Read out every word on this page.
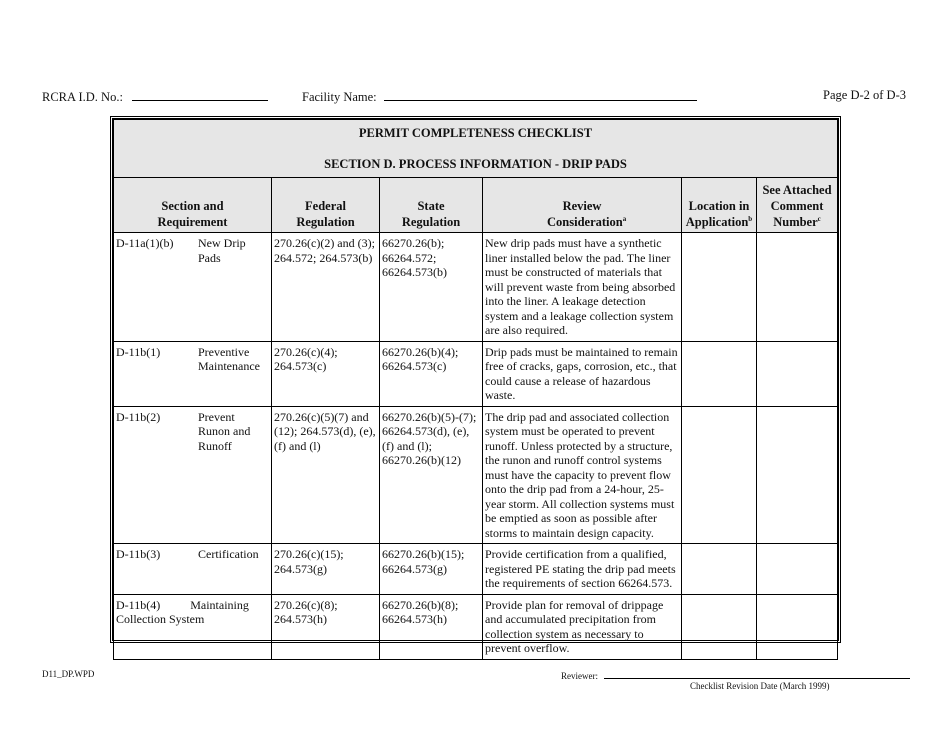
RCRA I.D. No.:	Facility Name:	Page D-2 of D-3
PERMIT COMPLETENESS CHECKLIST
SECTION D. PROCESS INFORMATION - DRIP PADS					

Section and Requirement	Federal Regulation	State Regulation	Review Consideration$^a$	Location in Application$^b$	See Attached Comment Number$^c$

D-11a(1)(b) New Drip Pads	270.26(c)(2) and (3); 264.572; 264.573(b)	66270.26(b); 66264.572; 66264.573(b)	New drip pads must have a synthetic liner installed below the pad. The liner must be constructed of materials that will prevent waste from being absorbed into the liner. A leakage detection system and a leakage collection system are also required.		

D-11b(1) Preventive Maintenance	270.26(c)(4); 264.573(c)	66270.26(b)(4); 66264.573(c)	Drip pads must be maintained to remain free of cracks, gaps, corrosion, etc., that could cause a release of hazardous waste.		

D-11b(2) Prevent Runon and Runoff	270.26(c)(5)(7) and (12); 264.573(d), (e), (f) and (l)	66270.26(b)(5)-(7); 66264.573(d), (e), (f) and (l); 66270.26(b)(12)	The drip pad and associated collection system must be operated to prevent runoff. Unless protected by a structure, the runon and runoff control systems must have the capacity to prevent flow onto the drip pad from a 24-hour, 25-year storm. All collection systems must be emptied as soon as possible after storms to maintain design capacity.		

D-11b(3) Certification	270.26(c)(15); 264.573(g)	66270.26(b)(15); 66264.573(g)	Provide certification from a qualified, registered PE stating the drip pad meets the requirements of section 66264.573.		

D-11b(4)          Maintaining Collection System	270.26(c)(8); 264.573(h)	66270.26(b)(8); 66264.573(h)	Provide plan for removal of drippage and accumulated precipitation from collection system as necessary to prevent overflow.		
D11_DP.WPD	Reviewer:
Checklist Revision Date (March 1999)
